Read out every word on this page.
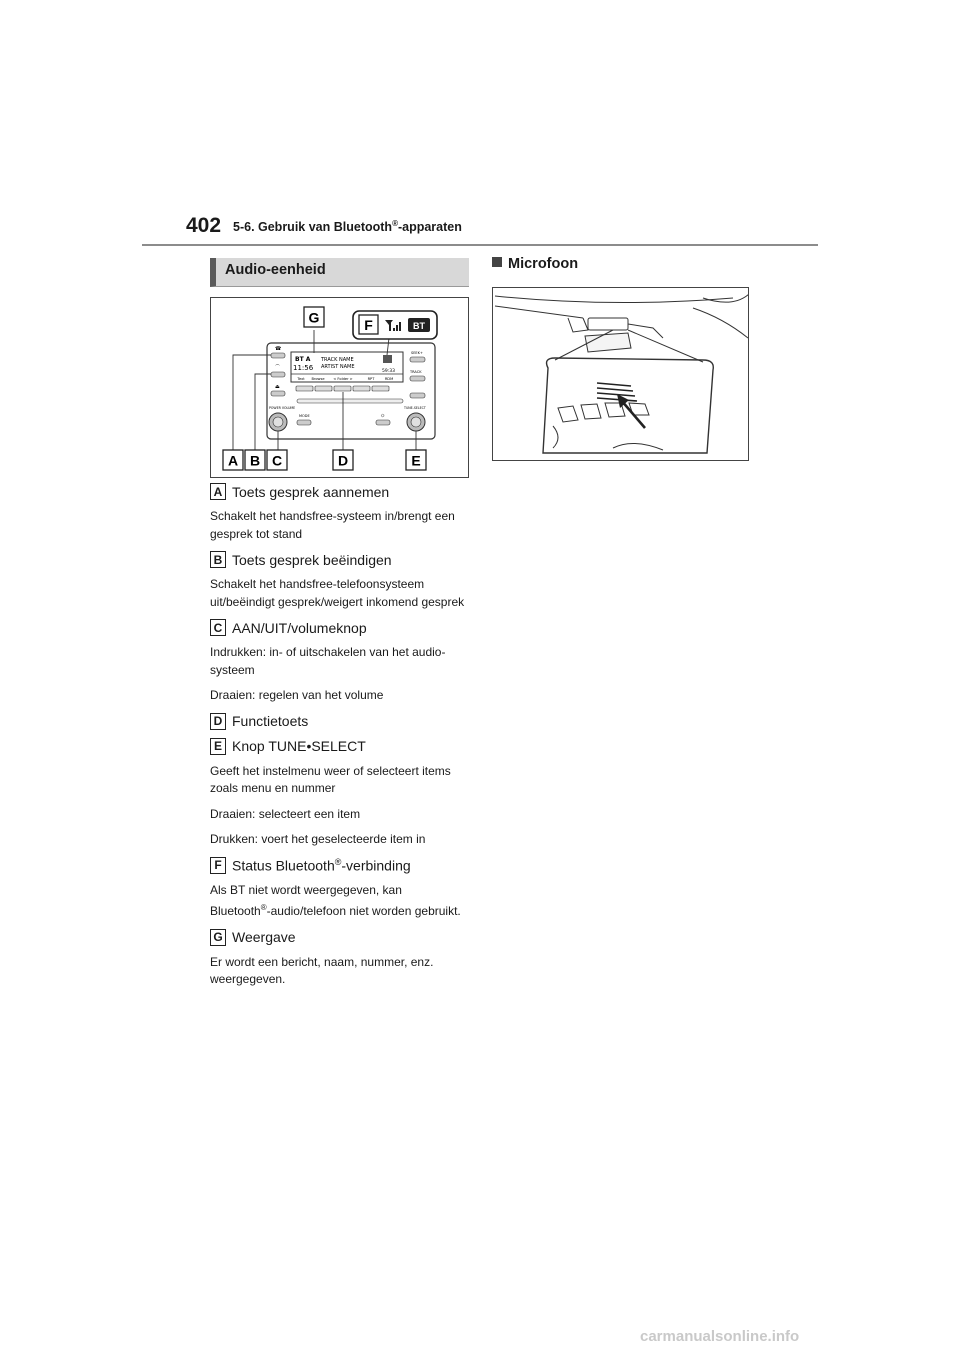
402 5-6. Gebruik van Bluetooth®-apparaten
Audio-eenheid
BT A
11:56
TRACK NAME
ARTIST NAME
59:33
Text Browse < Folder >	RPT	RDM
☎
⌒
⏏
SEEK+
TRACK
POWER VOLUME	TUNE-SELECT
MODE	☼
F	BT
G
A B C	D	E
Microfoon
A Toets gesprek aannemen
Schakelt het handsfree-systeem in/brengt een gesprek tot stand
B Toets gesprek beëindigen
Schakelt het handsfree-telefoonsysteem uit/beëindigt gesprek/weigert inkomend gesprek
C AAN/UIT/volumeknop
Indrukken: in- of uitschakelen van het audio-systeem
Draaien: regelen van het volume
D Functietoets
E Knop TUNE•SELECT
Geeft het instelmenu weer of selecteert items zoals menu en nummer
Draaien: selecteert een item
Drukken: voert het geselecteerde item in
F Status Bluetooth®-verbinding
Als BT niet wordt weergegeven, kan
Bluetooth®-audio/telefoon niet worden gebruikt.
G Weergave
Er wordt een bericht, naam, nummer, enz. weergegeven.
carmanualsonline.info
